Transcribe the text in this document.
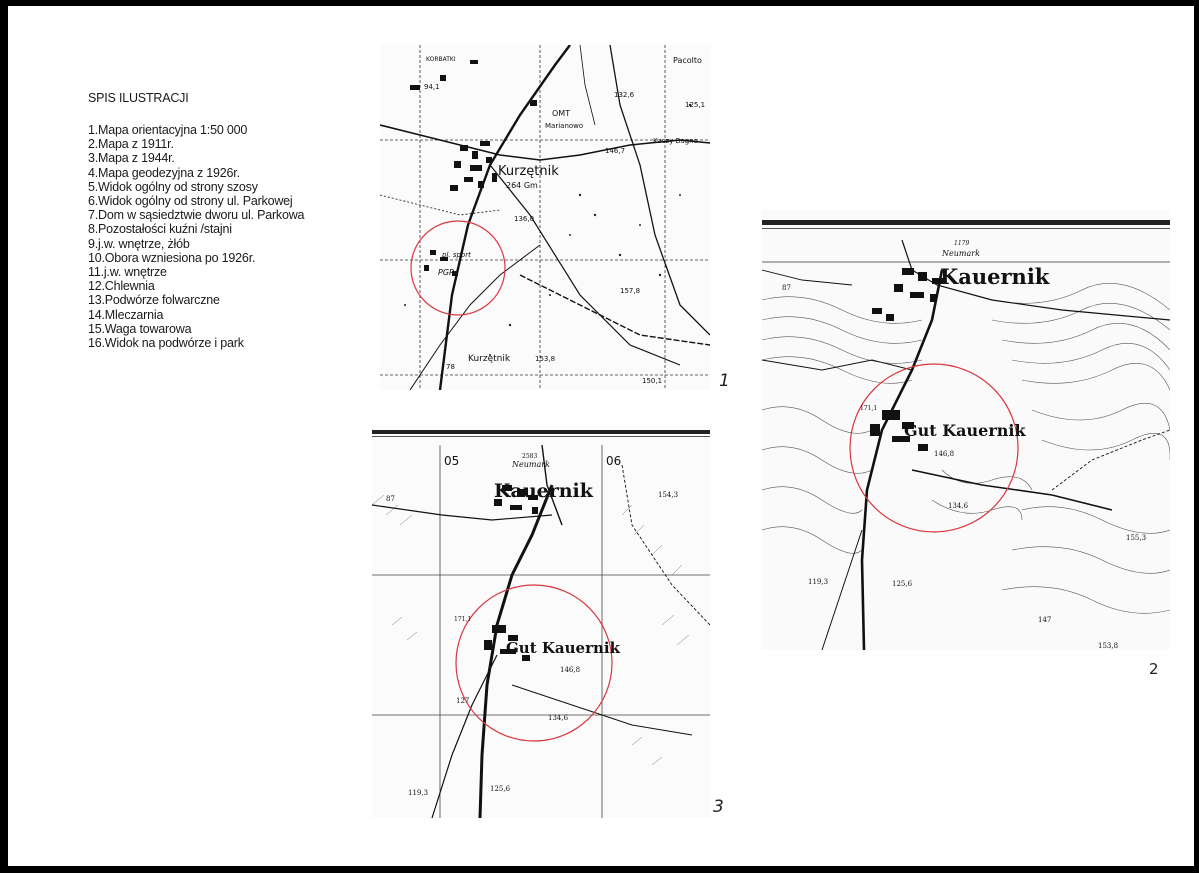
SPIS ILUSTRACJI
1.Mapa orientacyjna 1:50 000
2.Mapa z 1911r.
3.Mapa z 1944r.
4.Mapa geodezyjna z 1926r.
5.Widok ogólny od strony szosy
6.Widok ogólny od strony ul. Parkowej
7.Dom w sąsiedztwie dworu ul. Parkowa
8.Pozostałości kuźni /stajni
9.j.w. wnętrze, żłób
10.Obora wzniesiona po 1926r.
11.j.w. wnętrze
12.Chlewnia
13.Podwórze folwarczne
14.Mleczarnia
15.Waga towarowa
16.Widok na podwórze i park
KORBATKI	Pacolto
OMT
Marianowo
Kaczy Bagno
Kurzętnik
264 Gm
pl. sport
PGR
Kurzętnik
94,1
132,6
125,1
146,7
136,0
157,8
153,8
150,1
78
1
05	06
2583
Neumark
Kauernik
Gut Kauernik
87
146,8
134,6
127
125,6
119,3
171,1
154,3
3
1179
Neumark
Kauernik
Gut Kauernik
87
146,8
134,6
155,3
125,6
119,3
147
153,8
171,1
2
